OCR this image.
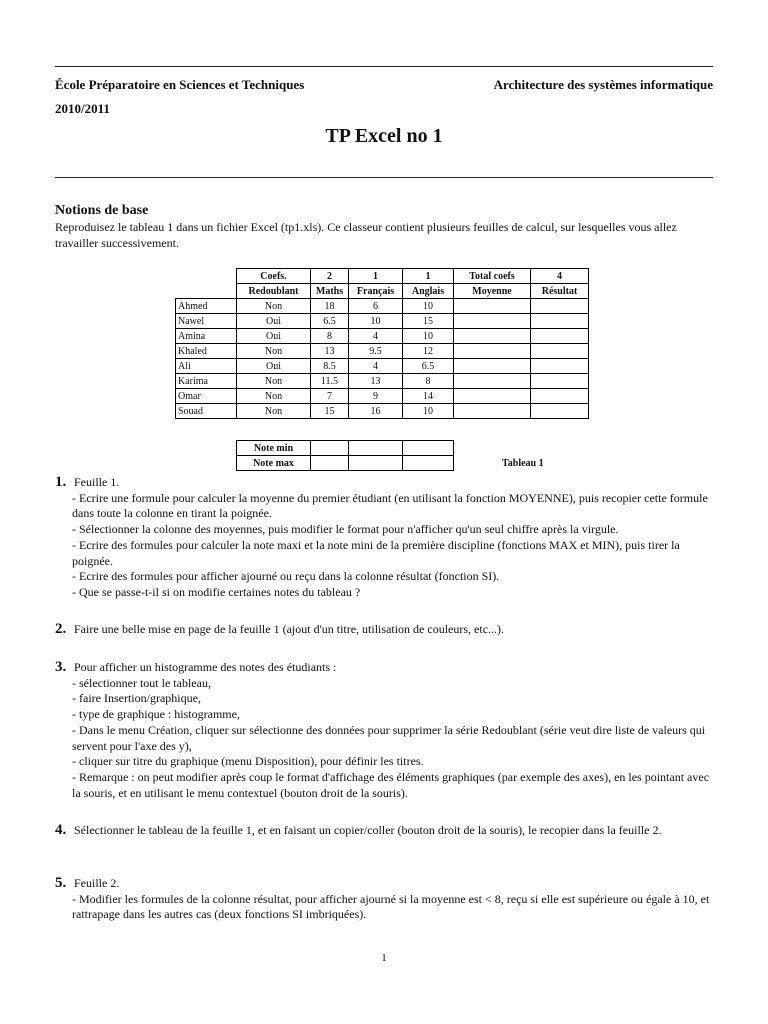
École Préparatoire en Sciences et Techniques	Architecture des systèmes informatique
2010/2011
TP Excel no 1
Notions de base
Reproduisez le tableau 1 dans un fichier Excel (tp1.xls). Ce classeur contient plusieurs feuilles de calcul, sur lesquelles vous allez travailler successivement.
	Coefs.	2	1	1	Total coefs	4
	Redoublant	Maths	Français	Anglais	Moyenne	Résultat
Ahmed	Non	18	6	10		
Nawel	Oui	6.5	10	15		
Amina	Oui	8	4	10		
Khaled	Non	13	9.5	12		
Ali	Oui	8.5	4	6.5		
Karima	Non	11.5	13	8		
Omar	Non	7	9	14		
Souad	Non	15	16	10		
Note min			
Note max				Tableau 1
1. Feuille 1.
- Ecrire une formule pour calculer la moyenne du premier étudiant (en utilisant la fonction MOYENNE), puis recopier cette formule dans toute la colonne en tirant la poignée.
- Sélectionner la colonne des moyennes, puis modifier le format pour n'afficher qu'un seul chiffre après la virgule.
- Ecrire des formules pour calculer la note maxi et la note mini de la première discipline (fonctions MAX et MIN), puis tirer la poignée.
- Ecrire des formules pour afficher ajourné ou reçu dans la colonne résultat (fonction SI).
- Que se passe-t-il si on modifie certaines notes du tableau ?
2. Faire une belle mise en page de la feuille 1 (ajout d'un titre, utilisation de couleurs, etc...).
3. Pour afficher un histogramme des notes des étudiants :
- sélectionner tout le tableau,
- faire Insertion/graphique,
- type de graphique : histogramme,
- Dans le menu Création, cliquer sur sélectionne des données pour supprimer la série Redoublant (série veut dire liste de valeurs qui servent pour l'axe des y),
- cliquer sur titre du graphique (menu Disposition), pour définir les titres.
- Remarque : on peut modifier après coup le format d'affichage des éléments graphiques (par exemple des axes), en les pointant avec la souris, et en utilisant le menu contextuel (bouton droit de la souris).
4. Sélectionner le tableau de la feuille 1, et en faisant un copier/coller (bouton droit de la souris), le recopier dans la feuille 2.
5. Feuille 2.
- Modifier les formules de la colonne résultat, pour afficher ajourné si la moyenne est < 8, reçu si elle est supérieure ou égale à 10, et rattrapage dans les autres cas (deux fonctions SI imbriquées).
1
